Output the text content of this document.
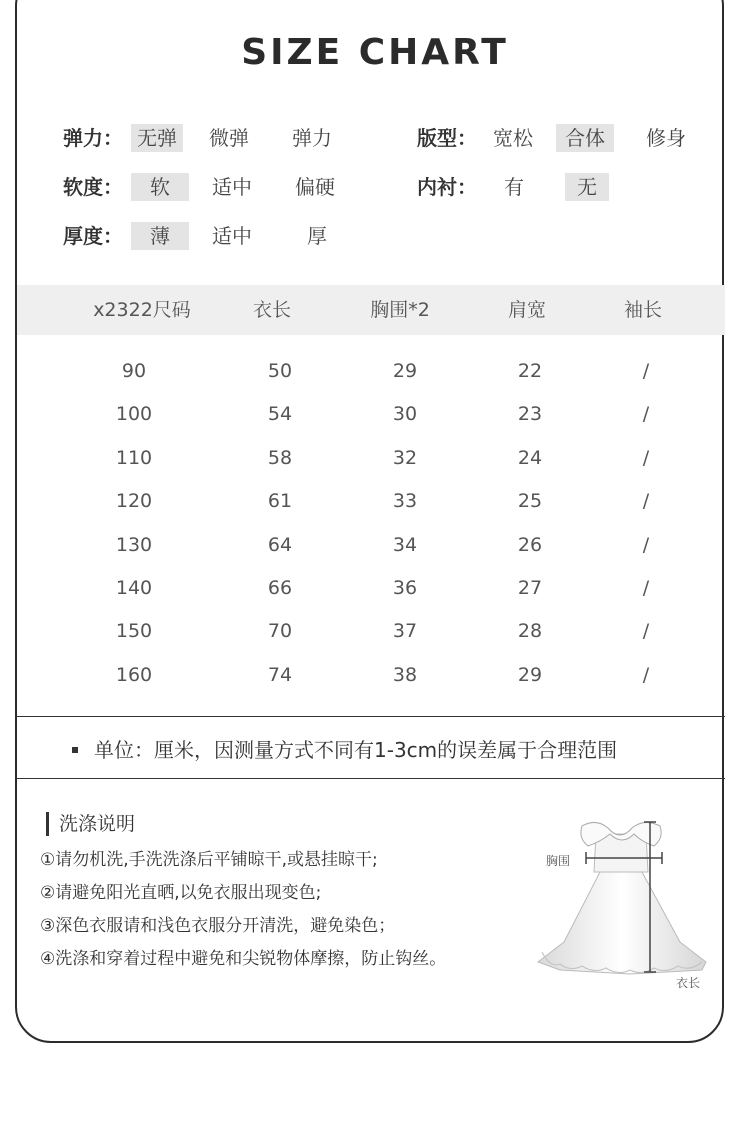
SIZE CHART
弹力： 无弹	微弹	弹力	版型： 宽松	合体	修身
软度：	软	适中	偏硬	内衬： 有	无
厚度：	薄	适中	厚
x2322尺码	衣长	胸围*2	肩宽	袖长
90	50	29	22	/
100	54	30	23	/
110	58	32	24	/
120	61	33	25	/
130	64	34	26	/
140	66	36	27	/
150	70	37	28	/
160	74	38	29	/
单位：厘米，因测量方式不同有1-3cm的误差属于合理范围
洗涤说明
①请勿机洗,手洗洗涤后平铺晾干,或悬挂晾干;
②请避免阳光直晒,以免衣服出现变色;
③深色衣服请和浅色衣服分开清洗，避免染色；
④洗涤和穿着过程中避免和尖锐物体摩擦，防止钩丝。
胸围
衣长
